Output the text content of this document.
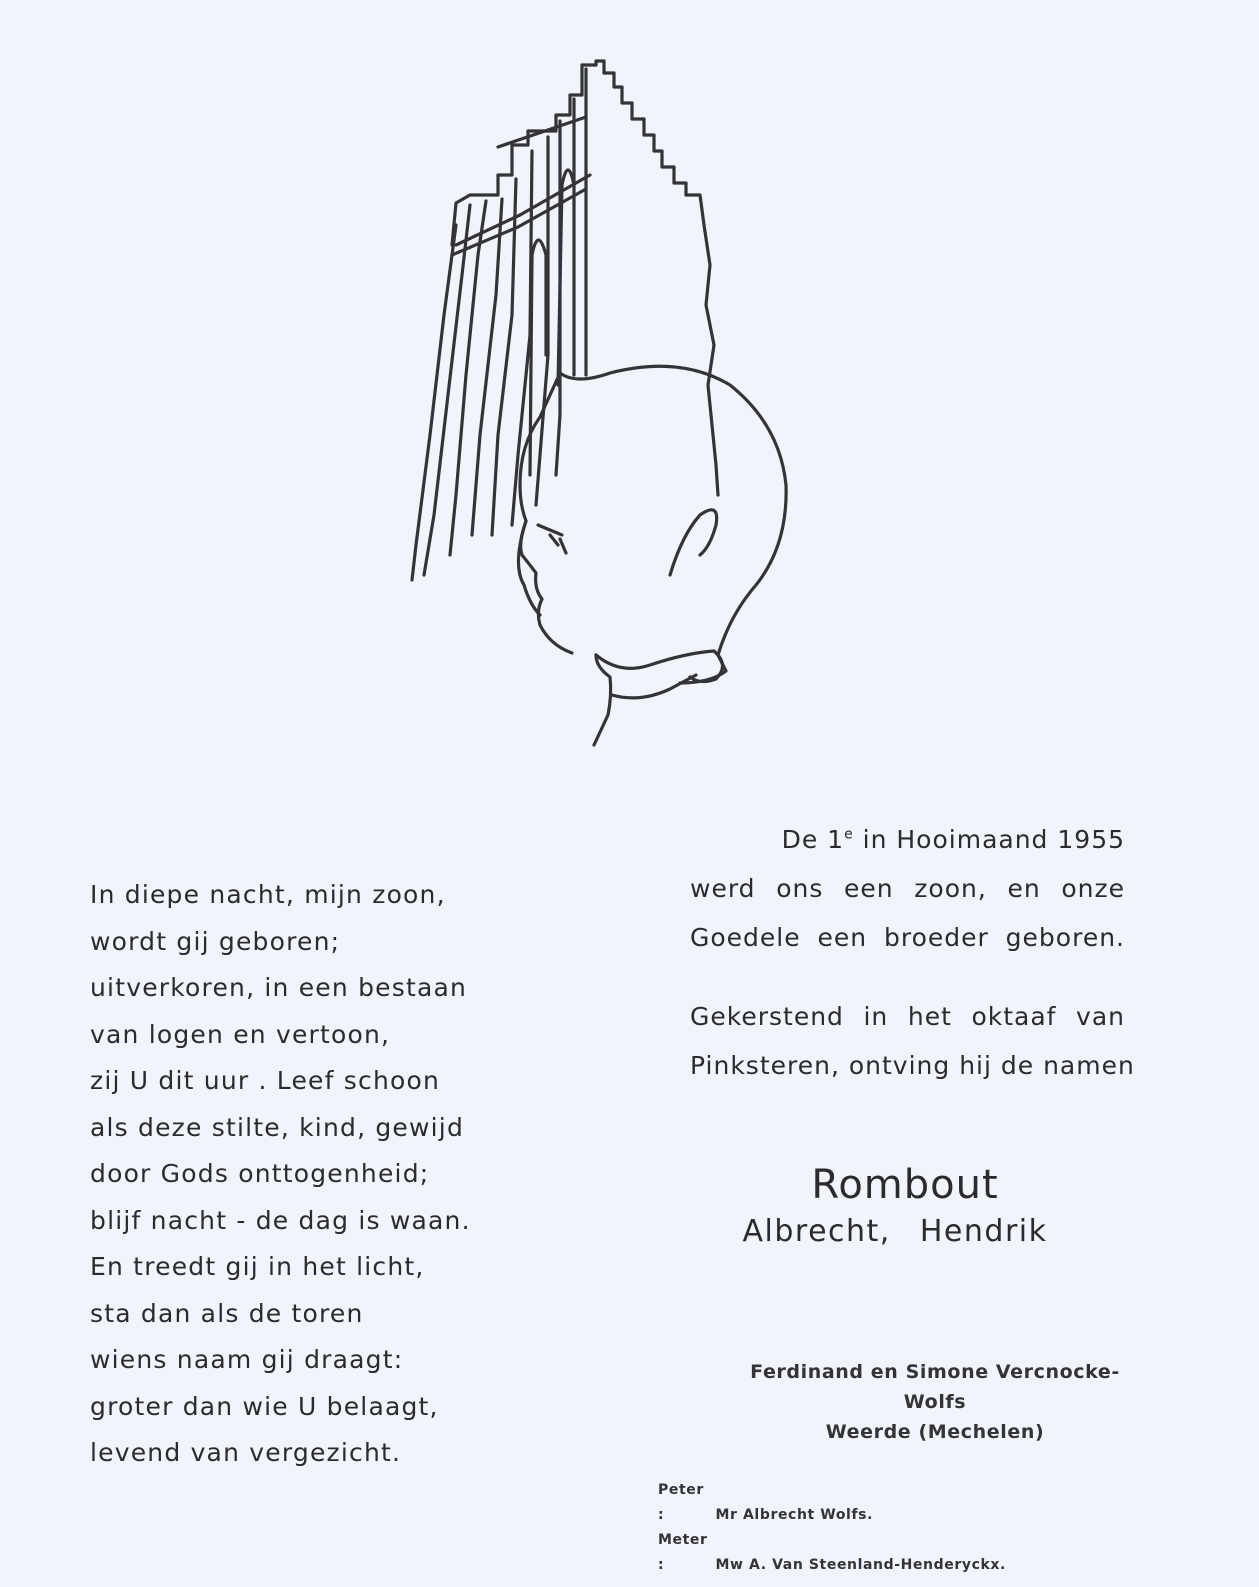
In diepe nacht, mijn zoon,
wordt gij geboren;
uitverkoren, in een bestaan
van logen en vertoon,
zij U dit uur . Leef schoon
als deze stilte, kind, gewijd
door Gods onttogenheid;
blijf nacht - de dag is waan.
En treedt gij in het licht,
sta dan als de toren
wiens naam gij draagt:
groter dan wie U belaagt,
levend van vergezicht.
De 1e in Hooimaand 1955
werd ons een zoon, en onze
Goedele een broeder geboren.
Gekerstend in het oktaaf van
Pinksteren, ontving hij de namen
Rombout
Albrecht, Hendrik
Ferdinand en Simone Vercnocke-Wolfs
Weerde (Mechelen)
Peter :	Mr Albrecht Wolfs.
Meter :	Mw A. Van Steenland-Henderyckx.
